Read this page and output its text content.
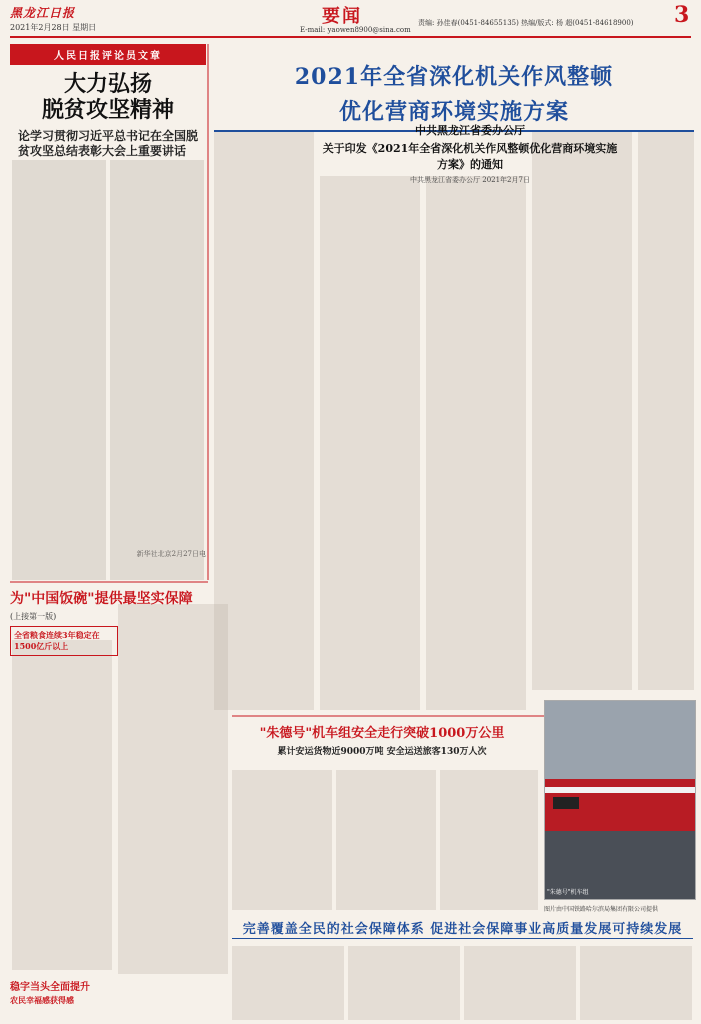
黑龙江日报
2021年2月28日 星期日
要闻
E-mail: yaowen8900@sina.com
责编: 孙佳春(0451-84655135) 热编/版式: 杨 超(0451-84618900) 3
人民日报评论员文章
大力弘扬
脱贫攻坚精神
论学习贯彻习近平总书记在全国脱贫攻坚总结表彰大会上重要讲话
新华社北京2月27日电
2021年全省深化机关作风整顿
优化营商环境实施方案
中共黑龙江省委办公厅
关于印发《2021年全省深化机关作风整顿优化营商环境实施方案》的通知
中共黑龙江省委办公厅 2021年2月7日
为"中国饭碗"提供最坚实保障
(上接第一版)
全省粮食连续3年稳定在1500亿斤以上
"朱德号"机车组安全走行突破1000万公里
累计安运货物近9000万吨 安全运送旅客130万人次
"朱德号"机车组
图片由中国铁路哈尔滨局集团有限公司提供
完善覆盖全民的社会保障体系 促进社会保障事业高质量发展可持续发展
稳字当头全面提升
农民幸福感获得感
